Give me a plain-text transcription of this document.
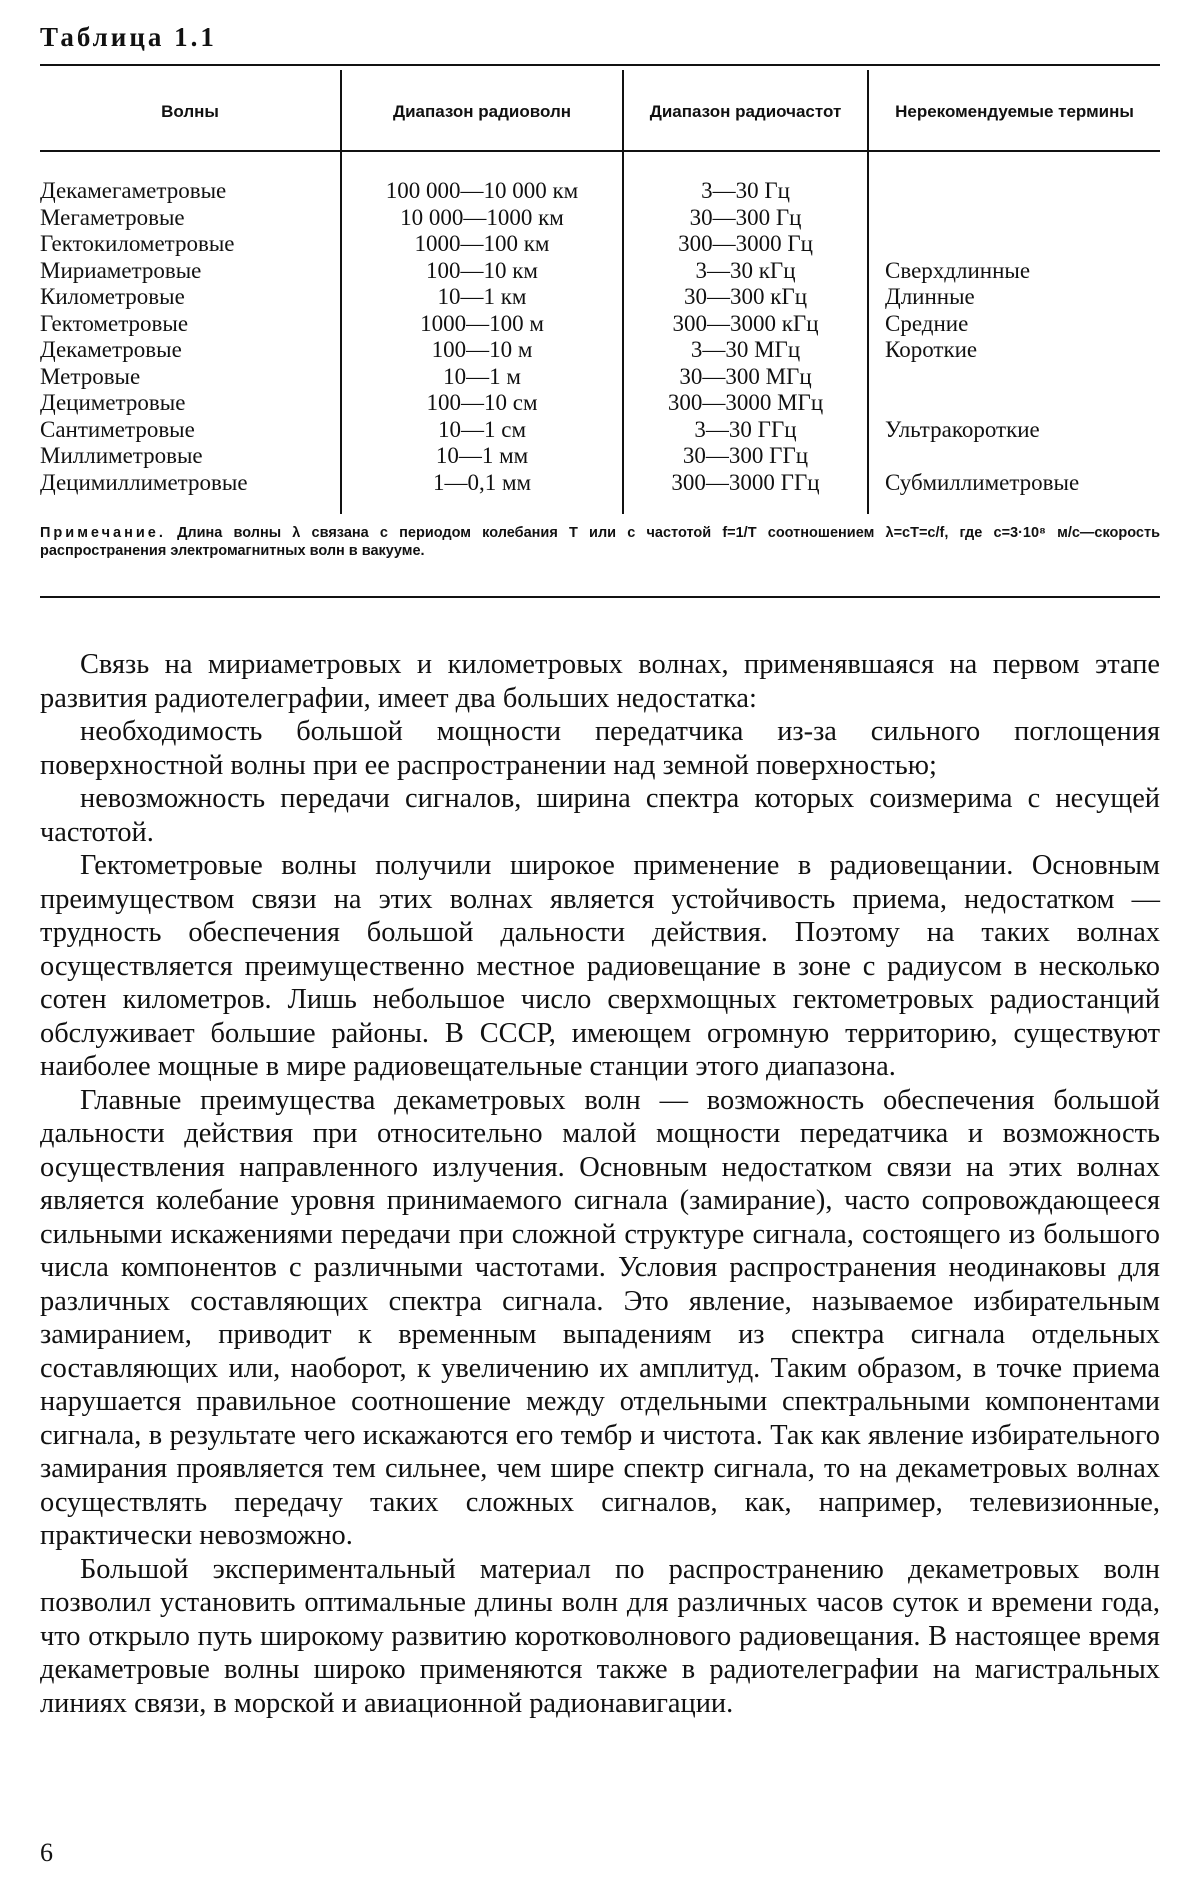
Таблица 1.1
Волны	Диапазон радиоволн	Диапазон радиочастот	Нерекомендуемые термины
Декамегаметровые	100 000—10 000 км	3—30 Гц
Мегаметровые	10 000—1000 км	30—300 Гц
Гектокилометровые	1000—100 км	300—3000 Гц
Мириаметровые	100—10 км	3—30 кГц	Сверхдлинные
Километровые	10—1 км	30—300 кГц	Длинные
Гектометровые	1000—100 м	300—3000 кГц	Средние
Декаметровые	100—10 м	3—30 МГц	Короткие
Метровые	10—1 м	30—300 МГц
Дециметровые	100—10 см	300—3000 МГц
Сантиметровые	10—1 см	3—30 ГГц	Ультракороткие
Миллиметровые	10—1 мм	30—300 ГГц
Децимиллиметровые	1—0,1 мм	300—3000 ГГц	Субмиллиметровые
Примечание. Длина волны λ связана с периодом колебания T или с частотой f=1/T соотношением λ=cT=c/f, где c=3·10⁸ м/с—скорость распространения электромагнитных волн в вакууме.

Связь на мириаметровых и километровых волнах, применявшаяся на первом этапе развития радиотелеграфии, имеет два больших недостатка:

необходимость большой мощности передатчика из-за сильного поглощения поверхностной волны при ее распространении над земной поверхностью;

невозможность передачи сигналов, ширина спектра которых соизмерима с несущей частотой.

Гектометровые волны получили широкое применение в радиовещании. Основным преимуществом связи на этих волнах является устойчивость приема, недостатком — трудность обеспечения большой дальности действия. Поэтому на таких волнах осуществляется преимущественно местное радиовещание в зоне с радиусом в несколько сотен километров. Лишь небольшое число сверхмощных гектометровых радиостанций обслуживает большие районы. В СССР, имеющем огромную территорию, существуют наиболее мощные в мире радиовещательные станции этого диапазона.

Главные преимущества декаметровых волн — возможность обеспечения большой дальности действия при относительно малой мощности передатчика и возможность осуществления направленного излучения. Основным недостатком связи на этих волнах является колебание уровня принимаемого сигнала (замирание), часто сопровождающееся сильными искажениями передачи при сложной структуре сигнала, состоящего из большого числа компонентов с различными частотами. Условия распространения неодинаковы для различных составляющих спектра сигнала. Это явление, называемое избирательным замиранием, приводит к временным выпадениям из спектра сигнала отдельных составляющих или, наоборот, к увеличению их амплитуд. Таким образом, в точке приема нарушается правильное соотношение между отдельными спектральными компонентами сигнала, в результате чего искажаются его тембр и чистота. Так как явление избирательного замирания проявляется тем сильнее, чем шире спектр сигнала, то на декаметровых волнах осуществлять передачу таких сложных сигналов, как, например, телевизионные, практически невозможно.

Большой экспериментальный материал по распространению декаметровых волн позволил установить оптимальные длины волн для различных часов суток и времени года, что открыло путь широкому развитию коротковолнового радиовещания. В настоящее время декаметровые волны широко применяются также в радиотелеграфии на магистральных линиях связи, в морской и авиационной радионавигации.

6
